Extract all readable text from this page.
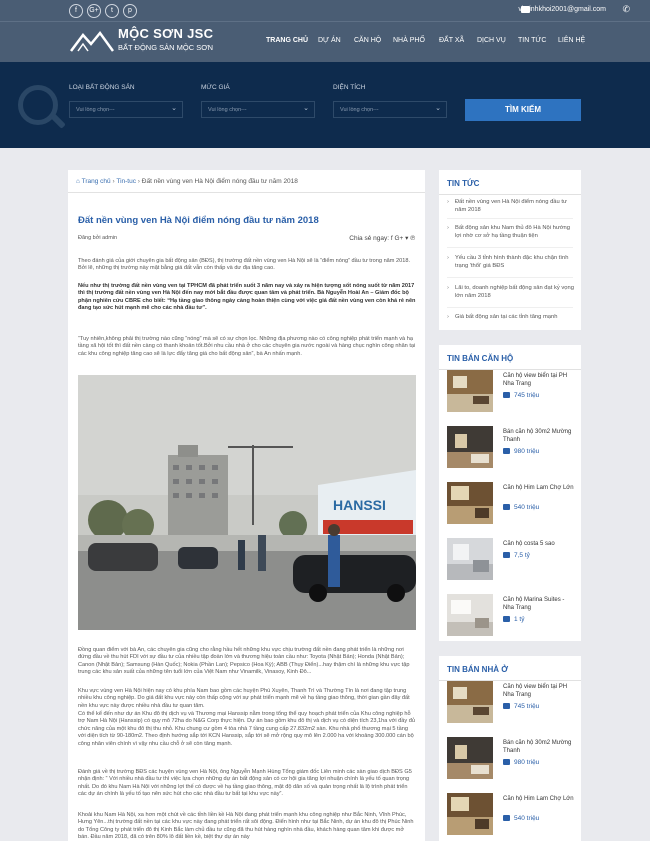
f	G+	t	p	viminhkhoi2001@gmail.com ✆
MỘC SƠN JSC
BẤT ĐỘNG SẢN MỘC SƠN
TRANG CHỦ DỰ ÁN CĂN HỘ NHÀ PHỐ ĐẤT XÃ DỊCH VỤ TIN TỨC LIÊN HỆ
LOẠI BẤT ĐỘNG SẢN
Vui lòng chọn--- ⌄
MỨC GIÁ
Vui lòng chọn--- ⌄
DIỆN TÍCH
Vui lòng chọn--- ⌄	TÌM KIẾM
⌂ Trang chủ › Tin-tuc › Đất nền vùng ven Hà Nội điểm nóng đầu tư năm 2018
Đất nền vùng ven Hà Nội điểm nóng đầu tư năm 2018
Đăng bởi admin	Chia sẻ ngay: f G+ ▾ ℗
Theo đánh giá của giới chuyên gia bất động sản (BĐS), thị trường đất nền vùng ven Hà Nội sẽ là “điểm nóng” đầu tư trong năm 2018. Bởi lẽ, những thị trường này mặt bằng giá đất vẫn còn thấp và dư địa tăng cao.
Nếu như thị trường đất nền vùng ven tại TPHCM đã phát triển suốt 3 năm nay và xảy ra hiện tượng sốt nóng suốt từ năm 2017 thì thị trường đất nền vùng ven Hà Nội đến nay mới bắt đầu được quan tâm và phát triển. Bà Nguyễn Hoài An – Giám đốc bộ phận nghiên cứu CBRE cho biết: “Hạ tầng giao thông ngày càng hoàn thiện cùng với việc giá đất nền vùng ven còn khá rẻ nên đang tạo sức hút mạnh mẽ cho các nhà đầu tư”.
“Tuy nhiên,không phải thị trường nào cũng “nóng” mà sẽ có sự chọn lọc. Những địa phương nào có công nghiệp phát triển mạnh và hạ tầng xã hội tốt thì đất nền càng có thanh khoản tốt.Bởi nhu cầu nhà ở cho các chuyên gia nước ngoài và hàng chục nghìn công nhân tại các khu công nghiệp tăng cao sẽ là lực đẩy tăng giá cho bất động sản”, bà An nhấn mạnh.
HANSSI
Đồng quan điểm với bà An, các chuyên gia cũng cho rằng hầu hết những khu vực chịu trường đất nền đang phát triển là những nơi đứng đầu về thu hút FDI với sự đầu tư của nhiều tập đoàn lớn và thương hiệu toàn cầu như: Toyota (Nhật Bản); Honda (Nhật Bản); Canon (Nhật Bản); Samsung (Hàn Quốc); Nokia (Phần Lan); Pepsico (Hoa Kỳ); ABB (Thụy Điển)...hay thậm chí là những khu vực tập trung các khu sản xuất của những tên tuổi lớn của Việt Nam như Vinamilk, Vinasoy, Kinh Đô...
Khu vực vùng ven Hà Nội hiện nay có khu phía Nam bao gồm các huyện Phú Xuyên, Thanh Trì và Thường Tín là nơi đang tập trung nhiều khu công nghiệp. Do giá đất khu vực này còn thấp cộng với sự phát triển mạnh mẽ về hạ tầng giao thông, thời gian gần đây đất nền khu vực này được nhiều nhà đầu tư quan tâm.
Có thể kể đến như dự án Khu đô thị dịch vụ và Thương mại Hanssip nằm trong tổng thể quy hoạch phát triển của Khu công nghiệp hỗ trợ Nam Hà Nội (Hanssip) có quy mô 72ha do N&G Corp thực hiện. Dự án bao gồm khu đô thị và dịch vụ có diện tích 23,1ha với đầy đủ chức năng của một khu đô thị thu nhỏ. Khu chung cư gồm 4 tòa nhà 7 tầng cung cấp 27.832m2 sàn. Khu nhà phố thương mại 5 tầng với diện tích từ 90-180m2. Theo định hướng sắp tới KCN Hanssip, sắp tới sẽ mở rộng quy mô lên 2.000 ha với khoảng 300.000 cán bộ công nhân viên chính vì vậy nhu cầu chỗ ở sẽ còn tăng mạnh.
Đánh giá về thị trường BĐS các huyện vùng ven Hà Nội, ông Nguyễn Mạnh Hùng Tổng giám đốc Liên minh các sàn giao dịch BĐS G5 nhận định: “ Với nhiều nhà đầu tư thì việc lựa chọn những dự án bất động sản có cơ hội gia tăng lợi nhuận chính là yếu tố quan trọng nhất. Do đó khu Nam Hà Nội với những lợi thế có được về hạ tầng giao thông, mặt độ dân số và quản trọng nhất là lộ trình phát triển các dự án chính là yếu tố tạo nên sức hút cho các nhà đầu tư bất tại khu vực này”.
Khoải khu Nam Hà Nội, xa hơn một chút về các tỉnh liền kề Hà Nội đang phát triển mạnh khu công nghiệp như Bắc Ninh, Vĩnh Phúc, Hưng Yên...thị trường đất nền tại các khu vực này đang phát triển rất sôi động. Điển hình như tại Bắc Ninh, dự án khu đô thị Phúc Ninh do Tổng Công ty phát triển đô thị Kinh Bắc làm chủ đầu tư cũng đã thu hút hàng nghìn nhà đầu, khách hàng quan tâm khi được mở bán. Đầu năm 2018, đã có trên 80% lô đất liền kề, biệt thự dự án này
TIN TỨC
› Đất nền vùng ven Hà Nội điểm nóng đầu tư năm 2018
› Bất động sản khu Nam thủ đô Hà Nội hướng lợi nhờ cơ sở hạ tầng thuận tiện
› Yếu cầu 3 tỉnh hình thành đặc khu chặn tình trạng 'thổi' giá BĐS
› Lãi to, doanh nghiệp bất động sản đạt kỷ vọng lớn năm 2018
› Giá bất động sản tại các tỉnh tăng mạnh
TIN BÁN CĂN HỘ
Căn hộ view biển tại PH Nha Trang
745 triệu
Bán căn hộ 30m2 Mường Thanh
980 triệu
Căn hộ Him Lam Chợ Lớn
540 triệu
Căn hộ costa 5 sao
7,5 tỷ
Căn hộ Marina Suites - Nha Trang
1 tỷ
TIN BÁN NHÀ Ở
Căn hộ view biển tại PH Nha Trang
745 triệu
Bán căn hộ 30m2 Mường Thanh
980 triệu
Căn hộ Him Lam Chợ Lớn
540 triệu
